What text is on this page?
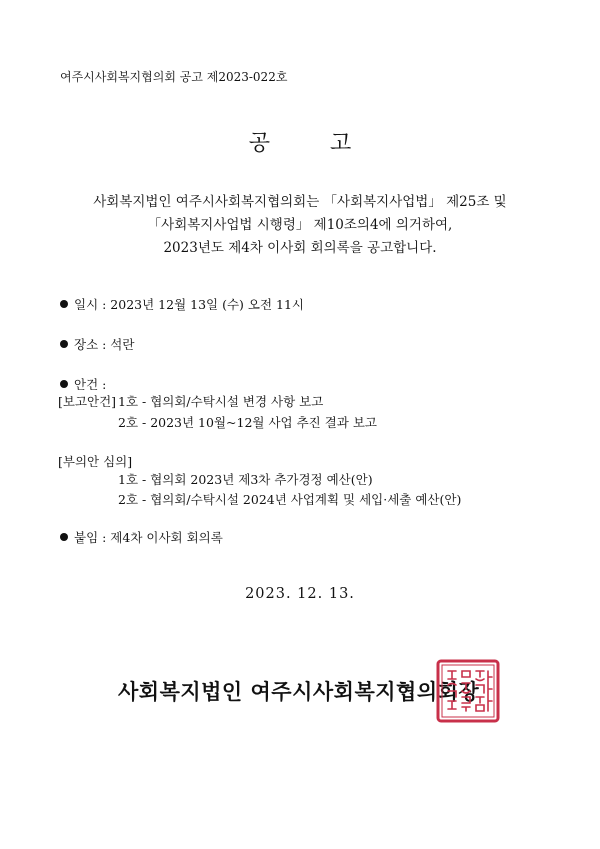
여주시사회복지협의회 공고 제2023-022호
공고
사회복지법인 여주시사회복지협의회는 「사회복지사업법」 제25조 및
「사회복지사업법 시행령」 제10조의4에 의거하여,
2023년도 제4차 이사회 회의록을 공고합니다.
일시 : 2023년 12월 13일 (수) 오전 11시
장소 : 석란
안건 :
[보고안건] 1호 - 협의회/수탁시설 변경 사항 보고
2호 - 2023년 10월~12월 사업 추진 결과 보고
[부의안 심의]
1호 - 협의회 2023년 제3차 추가경정 예산(안)
2호 - 협의회/수탁시설 2024년 사업계획 및 세입·세출 예산(안)
붙임 : 제4차 이사회 회의록
2023. 12. 13.
사회복지법인 여주시사회복지협의회장
